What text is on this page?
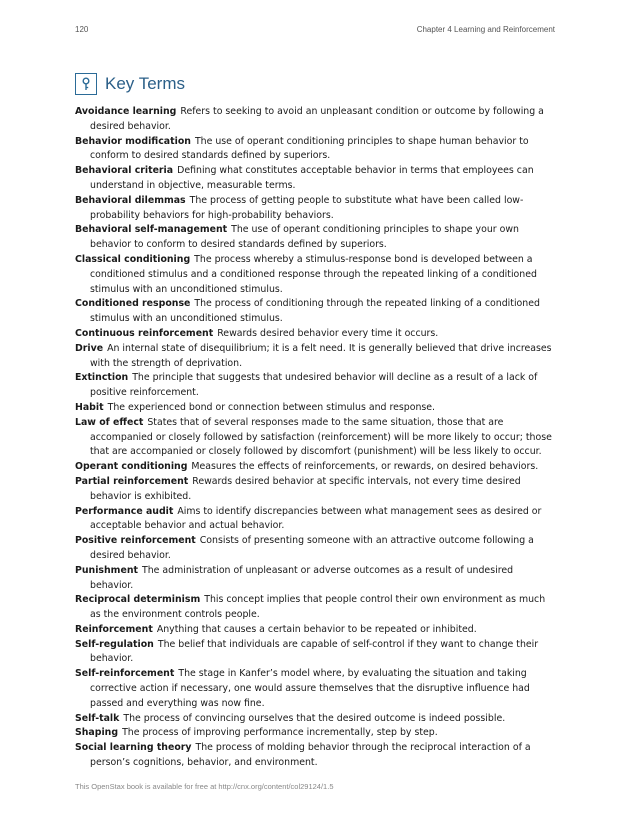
120	Chapter 4 Learning and Reinforcement
Key Terms
Avoidance learning Refers to seeking to avoid an unpleasant condition or outcome by following a desired behavior.
Behavior modification The use of operant conditioning principles to shape human behavior to conform to desired standards defined by superiors.
Behavioral criteria Defining what constitutes acceptable behavior in terms that employees can understand in objective, measurable terms.
Behavioral dilemmas The process of getting people to substitute what have been called low-probability behaviors for high-probability behaviors.
Behavioral self-management The use of operant conditioning principles to shape your own behavior to conform to desired standards defined by superiors.
Classical conditioning The process whereby a stimulus-response bond is developed between a conditioned stimulus and a conditioned response through the repeated linking of a conditioned stimulus with an unconditioned stimulus.
Conditioned response The process of conditioning through the repeated linking of a conditioned stimulus with an unconditioned stimulus.
Continuous reinforcement Rewards desired behavior every time it occurs.
Drive An internal state of disequilibrium; it is a felt need. It is generally believed that drive increases with the strength of deprivation.
Extinction The principle that suggests that undesired behavior will decline as a result of a lack of positive reinforcement.
Habit The experienced bond or connection between stimulus and response.
Law of effect States that of several responses made to the same situation, those that are accompanied or closely followed by satisfaction (reinforcement) will be more likely to occur; those that are accompanied or closely followed by discomfort (punishment) will be less likely to occur.
Operant conditioning Measures the effects of reinforcements, or rewards, on desired behaviors.
Partial reinforcement Rewards desired behavior at specific intervals, not every time desired behavior is exhibited.
Performance audit Aims to identify discrepancies between what management sees as desired or acceptable behavior and actual behavior.
Positive reinforcement Consists of presenting someone with an attractive outcome following a desired behavior.
Punishment The administration of unpleasant or adverse outcomes as a result of undesired behavior.
Reciprocal determinism This concept implies that people control their own environment as much as the environment controls people.
Reinforcement Anything that causes a certain behavior to be repeated or inhibited.
Self-regulation The belief that individuals are capable of self-control if they want to change their behavior.
Self-reinforcement The stage in Kanfer’s model where, by evaluating the situation and taking corrective action if necessary, one would assure themselves that the disruptive influence had passed and everything was now fine.
Self-talk The process of convincing ourselves that the desired outcome is indeed possible.
Shaping The process of improving performance incrementally, step by step.
Social learning theory The process of molding behavior through the reciprocal interaction of a person’s cognitions, behavior, and environment.
This OpenStax book is available for free at http://cnx.org/content/col29124/1.5
